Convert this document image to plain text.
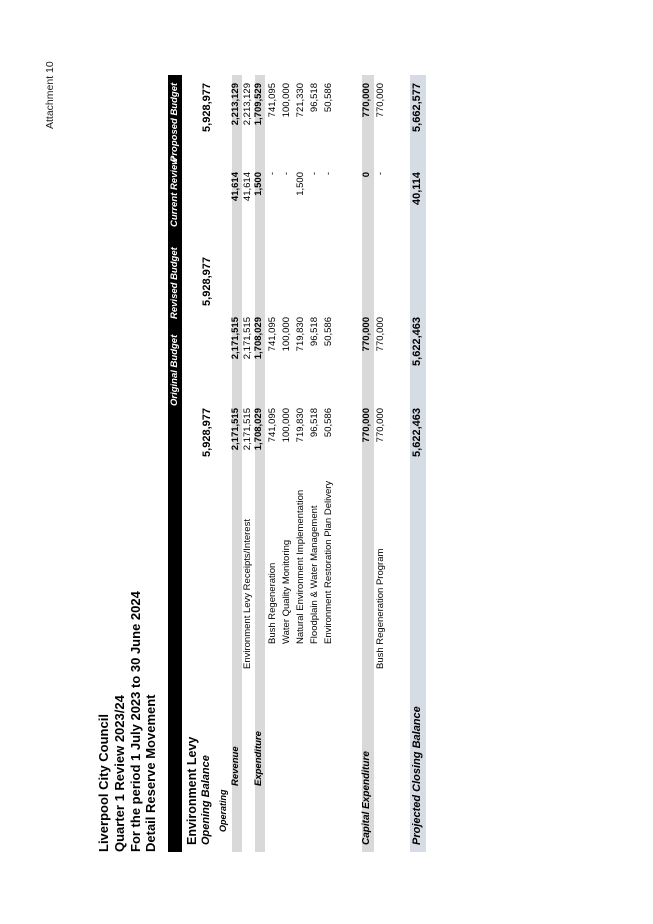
Attachment 10
Liverpool City Council Quarter 1 Review 2023/24 For the period 1 July 2023 to 30 June 2024 Detail Reserve Movement
Original Budget
Revised Budget
Current Review
Proposed Budget
Environment Levy Opening Balance
5,928,977
5,928,977
5,928,977
Operating
Revenue
2,171,515
2,171,515
41,614
2,213,129
Environment Levy Receipts/Interest
2,171,515
2,171,515
41,614
2,213,129
Expenditure
1,708,029
1,708,029
1,500
1,709,529
Bush Regeneration
741,095
741,095
-
741,095
Water Quality Monitoring
100,000
100,000
-
100,000
Natural Environment Implementation
719,830
719,830
1,500
721,330
Floodplain & Water Management
96,518
96,518
-
96,518
Environment Restoration Plan Delivery
50,586
50,586
-
50,586
Capital Expenditure
770,000
770,000
0
770,000
Bush Regeneration Program
770,000
770,000
-
770,000
Projected Closing Balance
5,622,463
5,622,463
40,114
5,662,577
